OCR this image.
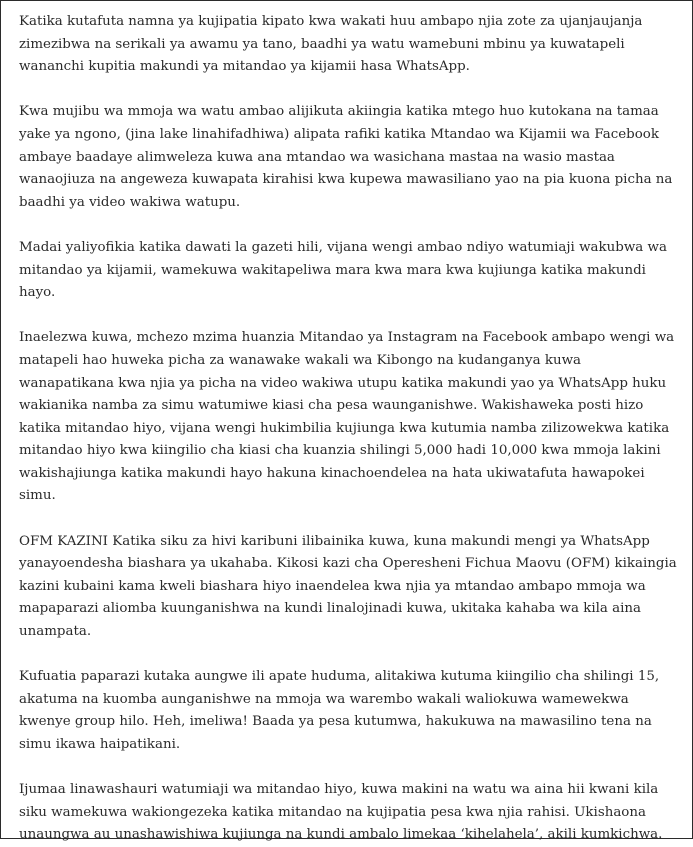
Katika kutafuta namna ya kujipatia kipato kwa wakati huu ambapo njia zote za ujanjaujanja zimezibwa na serikali ya awamu ya tano, baadhi ya watu wamebuni mbinu ya kuwatapeli wananchi kupitia makundi ya mitandao ya kijamii hasa WhatsApp.

Kwa mujibu wa mmoja wa watu ambao alijikuta akiingia katika mtego huo kutokana na tamaa yake ya ngono, (jina lake linahifadhiwa) alipata rafiki katika Mtandao wa Kijamii wa Facebook ambaye baadaye alimweleza kuwa ana mtandao wa wasichana mastaa na wasio mastaa wanaojiuza na angeweza kuwapata kirahisi kwa kupewa mawasiliano yao na pia kuona picha na baadhi ya video wakiwa watupu.

Madai yaliyofikia katika dawati la gazeti hili, vijana wengi ambao ndiyo watumiaji wakubwa wa mitandao ya kijamii, wamekuwa wakitapeliwa mara kwa mara kwa kujiunga katika makundi hayo.

Inaelezwa kuwa, mchezo mzima huanzia Mitandao ya Instagram na Facebook ambapo wengi wa matapeli hao huweka picha za wanawake wakali wa Kibongo na kudanganya kuwa wanapatikana kwa njia ya picha na video wakiwa utupu katika makundi yao ya WhatsApp huku wakianika namba za simu watumiwe kiasi cha pesa waunganishwe. Wakishaweka posti hizo katika mitandao hiyo, vijana wengi hukimbilia kujiunga kwa kutumia namba zilizowekwa katika mitandao hiyo kwa kiingilio cha kiasi cha kuanzia shilingi 5,000 hadi 10,000 kwa mmoja lakini wakishajiunga katika makundi hayo hakuna kinachoendelea na hata ukiwatafuta hawapokei simu.

OFM KAZINI Katika siku za hivi karibuni ilibainika kuwa, kuna makundi mengi ya WhatsApp yanayoendesha biashara ya ukahaba. Kikosi kazi cha Operesheni Fichua Maovu (OFM) kikaingia kazini kubaini kama kweli biashara hiyo inaendelea kwa njia ya mtandao ambapo mmoja wa mapaparazi aliomba kuunganishwa na kundi linalojinadi kuwa, ukitaka kahaba wa kila aina unampata.

Kufuatia paparazi kutaka aungwe ili apate huduma, alitakiwa kutuma kiingilio cha shilingi 15, akatuma na kuomba aunganishwe na mmoja wa warembo wakali waliokuwa wamewekwa kwenye group hilo. Heh, imeliwa! Baada ya pesa kutumwa, hakukuwa na mawasilino tena na simu ikawa haipatikani.

Ijumaa linawashauri watumiaji wa mitandao hiyo, kuwa makini na watu wa aina hii kwani kila siku wamekuwa wakiongezeka katika mitandao na kujipatia pesa kwa njia rahisi. Ukishaona unaungwa au unashawishiwa kujiunga na kundi ambalo limekaa ‘kihelahela’, akili kumkichwa.
